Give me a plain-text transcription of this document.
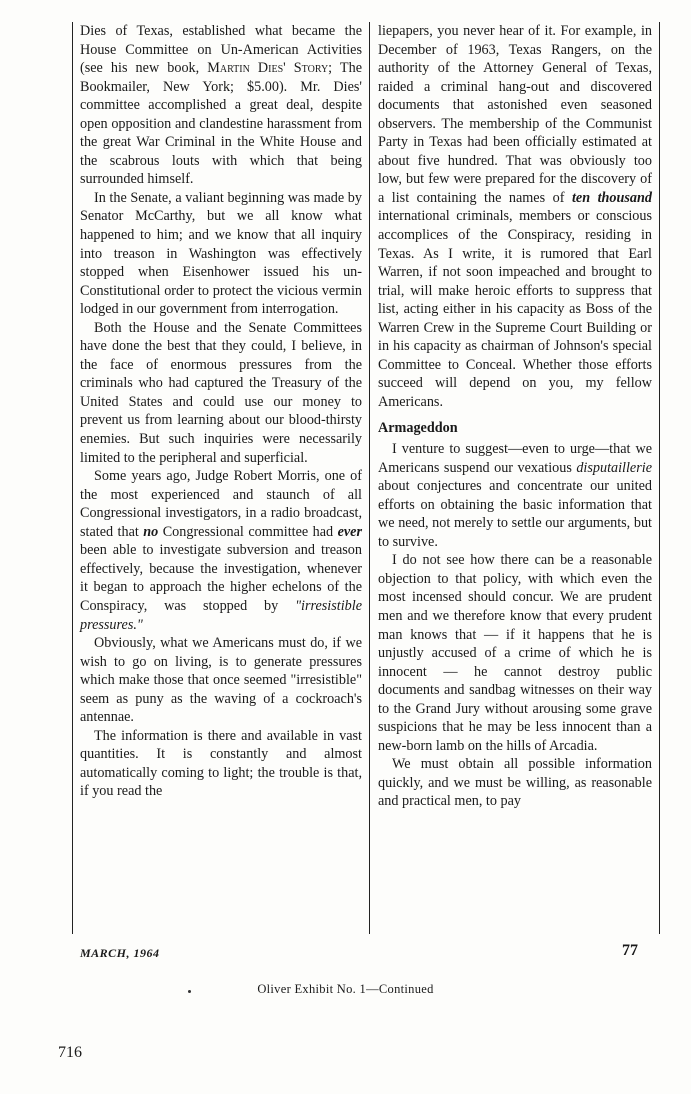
Dies of Texas, established what became the House Committee on Un-American Activities (see his new book, Martin Dies' Story; The Bookmailer, New York; $5.00). Mr. Dies' committee accomplished a great deal, despite open opposition and clandestine harassment from the great War Criminal in the White House and the scabrous louts with which that being surrounded himself.

In the Senate, a valiant beginning was made by Senator McCarthy, but we all know what happened to him; and we know that all inquiry into treason in Washington was effectively stopped when Eisenhower issued his un-Constitutional order to protect the vicious vermin lodged in our government from interrogation.

Both the House and the Senate Committees have done the best that they could, I believe, in the face of enormous pressures from the criminals who had captured the Treasury of the United States and could use our money to prevent us from learning about our blood-thirsty enemies. But such inquiries were necessarily limited to the peripheral and superficial.

Some years ago, Judge Robert Morris, one of the most experienced and staunch of all Congressional investigators, in a radio broadcast, stated that no Congressional committee had ever been able to investigate subversion and treason effectively, because the investigation, whenever it began to approach the higher echelons of the Conspiracy, was stopped by "irresistible pressures."

Obviously, what we Americans must do, if we wish to go on living, is to generate pressures which make those that once seemed "irresistible" seem as puny as the waving of a cockroach's antennae.

The information is there and available in vast quantities. It is constantly and almost automatically coming to light; the trouble is that, if you read the

liepapers, you never hear of it. For example, in December of 1963, Texas Rangers, on the authority of the Attorney General of Texas, raided a criminal hang-out and discovered documents that astonished even seasoned observers. The membership of the Communist Party in Texas had been officially estimated at about five hundred. That was obviously too low, but few were prepared for the discovery of a list containing the names of ten thousand international criminals, members or conscious accomplices of the Conspiracy, residing in Texas. As I write, it is rumored that Earl Warren, if not soon impeached and brought to trial, will make heroic efforts to suppress that list, acting either in his capacity as Boss of the Warren Crew in the Supreme Court Building or in his capacity as chairman of Johnson's special Committee to Conceal. Whether those efforts succeed will depend on you, my fellow Americans.

Armageddon

I venture to suggest—even to urge—that we Americans suspend our vexatious disputaillerie about conjectures and concentrate our united efforts on obtaining the basic information that we need, not merely to settle our arguments, but to survive.

I do not see how there can be a reasonable objection to that policy, with which even the most incensed should concur. We are prudent men and we therefore know that every prudent man knows that — if it happens that he is unjustly accused of a crime of which he is innocent — he cannot destroy public documents and sandbag witnesses on their way to the Grand Jury without arousing some grave suspicions that he may be less innocent than a new-born lamb on the hills of Arcadia.

We must obtain all possible information quickly, and we must be willing, as reasonable and practical men, to pay

MARCH, 1964	77
Oliver Exhibit No. 1—Continued
716
